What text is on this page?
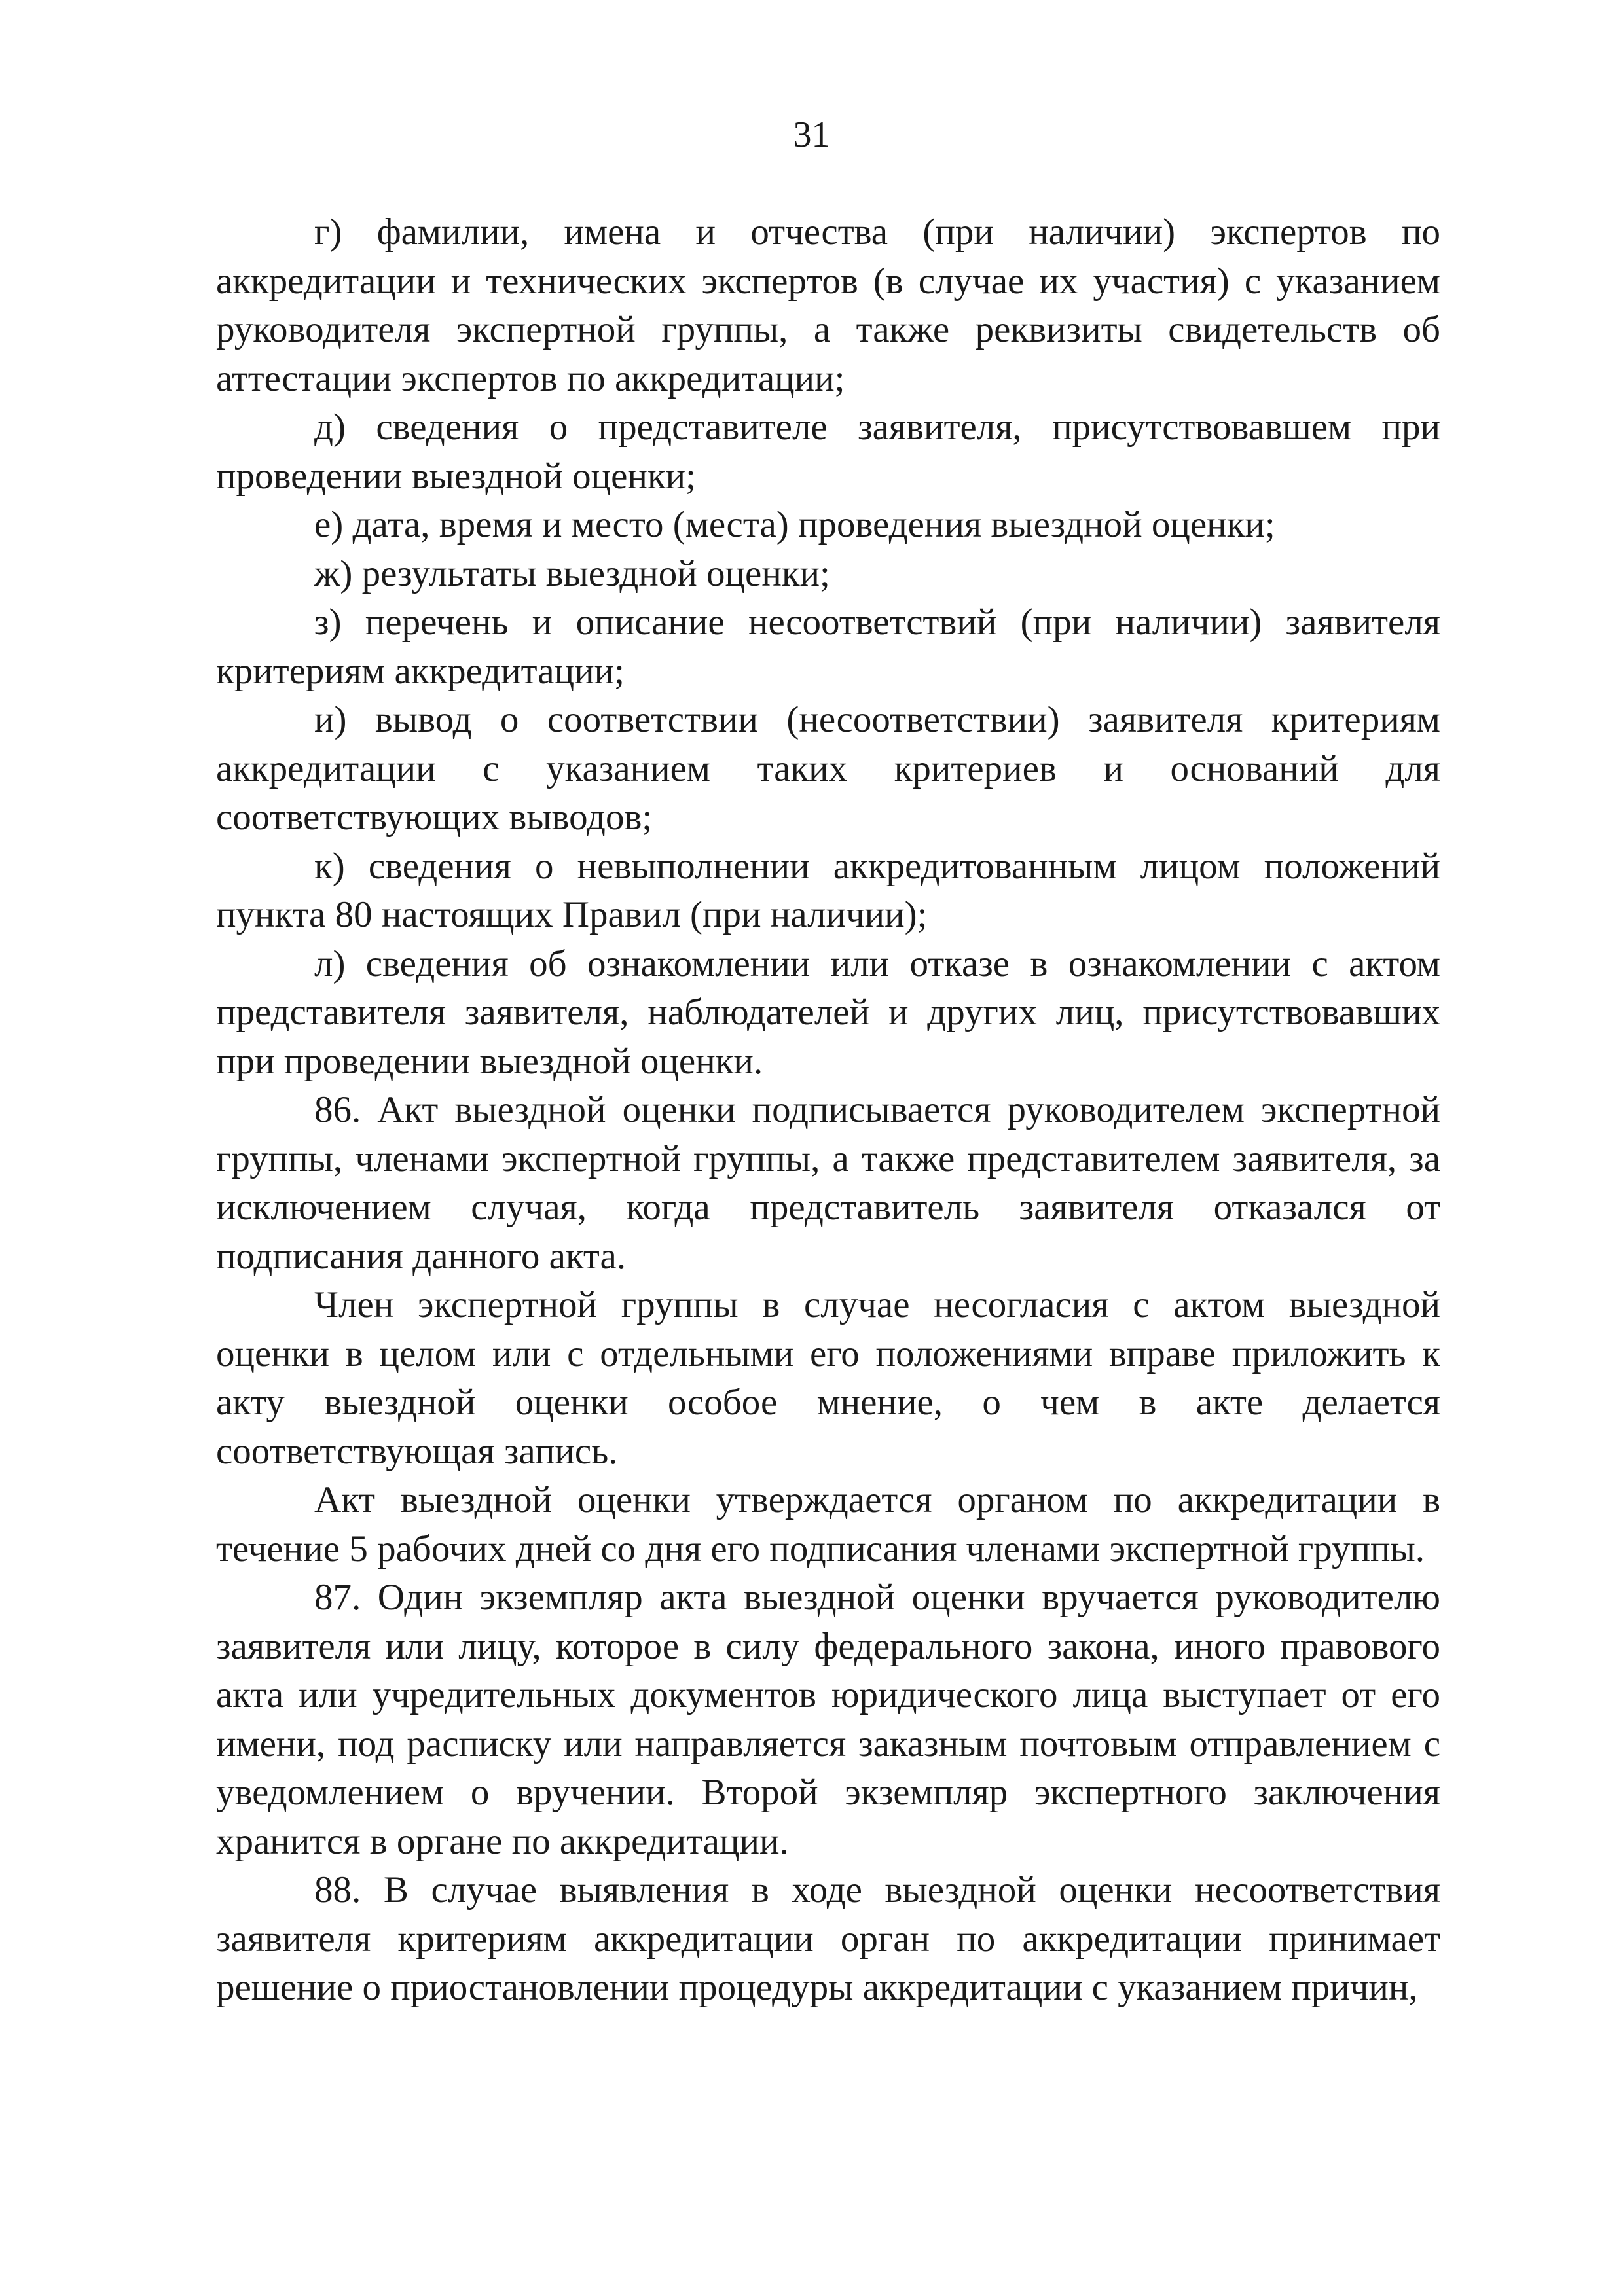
31

г) фамилии, имена и отчества (при наличии) экспертов по аккредитации и технических экспертов (в случае их участия) с указанием руководителя экспертной группы, а также реквизиты свидетельств об аттестации экспертов по аккредитации;

д) сведения о представителе заявителя, присутствовавшем при проведении выездной оценки;

е) дата, время и место (места) проведения выездной оценки;

ж) результаты выездной оценки;

з) перечень и описание несоответствий (при наличии) заявителя критериям аккредитации;

и) вывод о соответствии (несоответствии) заявителя критериям аккредитации с указанием таких критериев и оснований для соответствующих выводов;

к) сведения о невыполнении аккредитованным лицом положений пункта 80 настоящих Правил (при наличии);

л) сведения об ознакомлении или отказе в ознакомлении с актом представителя заявителя, наблюдателей и других лиц, присутствовавших при проведении выездной оценки.

86. Акт выездной оценки подписывается руководителем экспертной группы, членами экспертной группы, а также представителем заявителя, за исключением случая, когда представитель заявителя отказался от подписания данного акта.

Член экспертной группы в случае несогласия с актом выездной оценки в целом или с отдельными его положениями вправе приложить к акту выездной оценки особое мнение, о чем в акте делается соответствующая запись.

Акт выездной оценки утверждается органом по аккредитации в течение 5 рабочих дней со дня его подписания членами экспертной группы.

87. Один экземпляр акта выездной оценки вручается руководителю заявителя или лицу, которое в силу федерального закона, иного правового акта или учредительных документов юридического лица выступает от его имени, под расписку или направляется заказным почтовым отправлением с уведомлением о вручении. Второй экземпляр экспертного заключения хранится в органе по аккредитации.

88. В случае выявления в ходе выездной оценки несоответствия заявителя критериям аккредитации орган по аккредитации принимает решение о приостановлении процедуры аккредитации с указанием причин,
